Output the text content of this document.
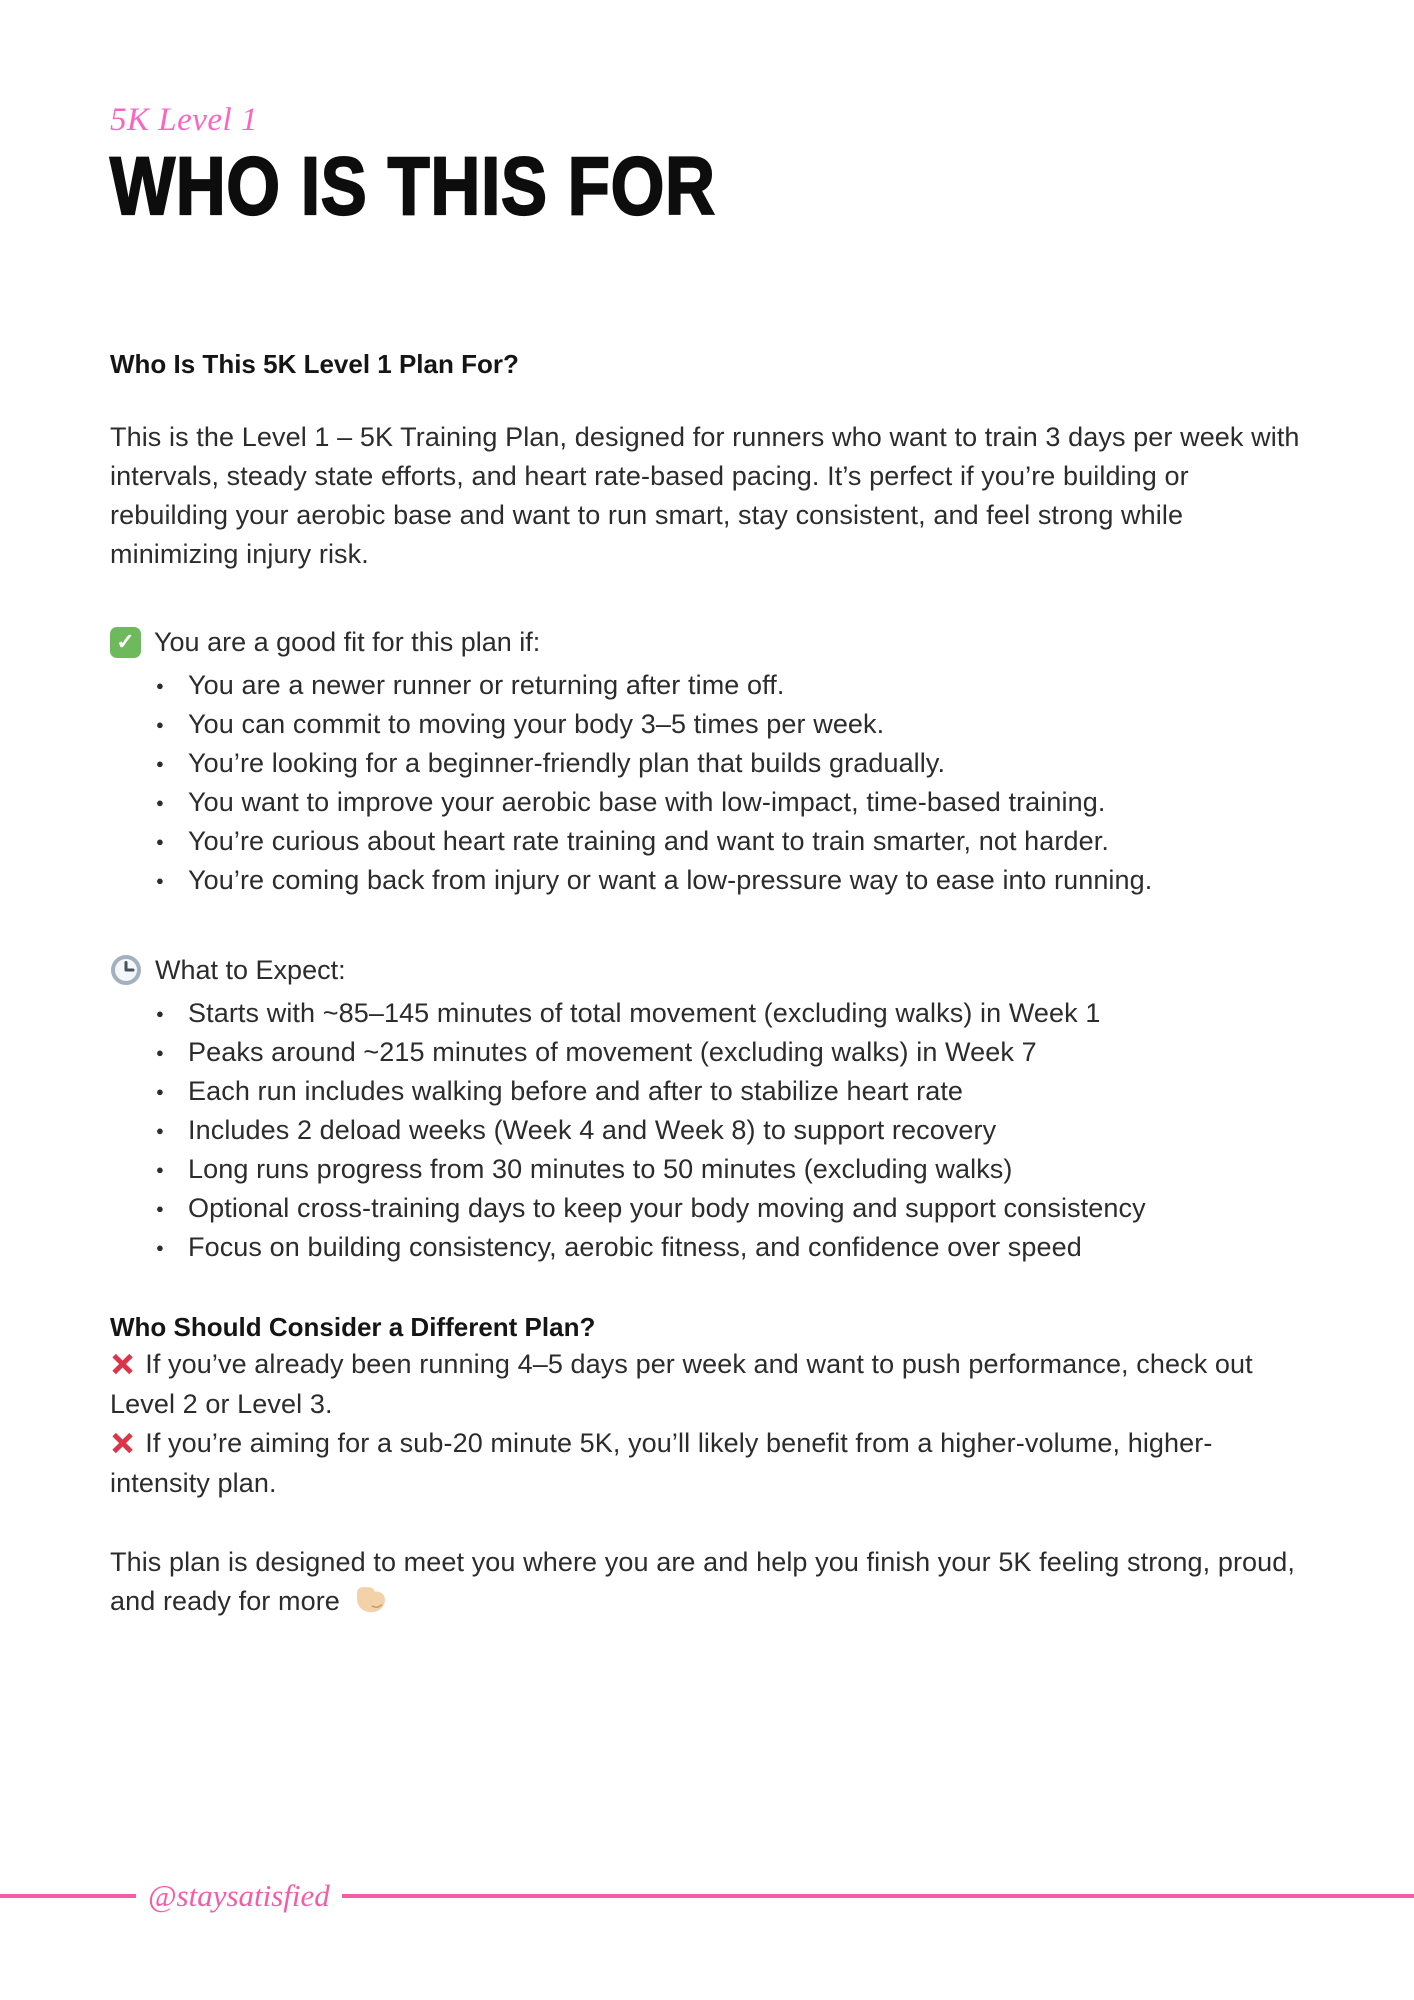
5K Level 1
WHO IS THIS FOR
Who Is This 5K Level 1 Plan For?

This is the Level 1 – 5K Training Plan, designed for runners who want to train 3 days per week with intervals, steady state efforts, and heart rate-based pacing. It’s perfect if you’re building or rebuilding your aerobic base and want to run smart, stay consistent, and feel strong while minimizing injury risk.

✓ You are a good fit for this plan if:
● You are a newer runner or returning after time off.
● You can commit to moving your body 3–5 times per week.
● You’re looking for a beginner-friendly plan that builds gradually.
● You want to improve your aerobic base with low-impact, time-based training.
● You’re curious about heart rate training and want to train smarter, not harder.
● You’re coming back from injury or want a low-pressure way to ease into running.
What to Expect:
● Starts with ~85–145 minutes of total movement (excluding walks) in Week 1
● Peaks around ~215 minutes of movement (excluding walks) in Week 7
● Each run includes walking before and after to stabilize heart rate
● Includes 2 deload weeks (Week 4 and Week 8) to support recovery
● Long runs progress from 30 minutes to 50 minutes (excluding walks)
● Optional cross-training days to keep your body moving and support consistency
● Focus on building consistency, aerobic fitness, and confidence over speed
Who Should Consider a Different Plan?

✕ If you’ve already been running 4–5 days per week and want to push performance, check out Level 2 or Level 3.

✕ If you’re aiming for a sub-20 minute 5K, you’ll likely benefit from a higher-volume, higher-intensity plan.

This plan is designed to meet you where you are and help you finish your 5K feeling strong, proud, and ready for more

@staysatisfied
